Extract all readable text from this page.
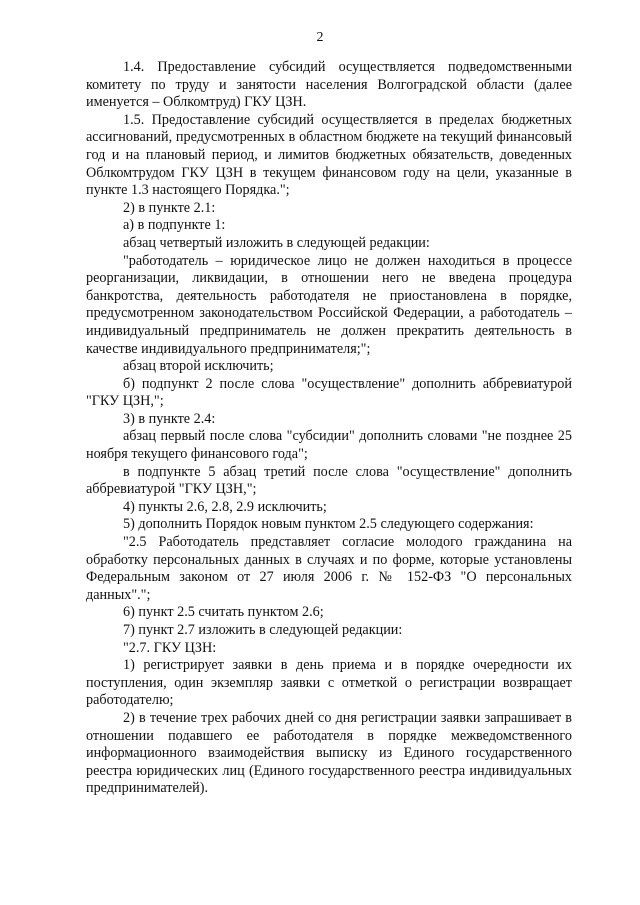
2

1.4. Предоставление субсидий осуществляется подведомственными комитету по труду и занятости населения Волгоградской области (далее именуется – Облкомтруд) ГКУ ЦЗН.

1.5. Предоставление субсидий осуществляется в пределах бюджетных ассигнований, предусмотренных в областном бюджете на текущий финансовый год и на плановый период, и лимитов бюджетных обязательств, доведенных Облкомтрудом ГКУ ЦЗН в текущем финансовом году на цели, указанные в пункте 1.3 настоящего Порядка.";

2) в пункте 2.1:

а) в подпункте 1:

абзац четвертый изложить в следующей редакции:

"работодатель – юридическое лицо не должен находиться в процессе реорганизации, ликвидации, в отношении него не введена процедура банкротства, деятельность работодателя не приостановлена в порядке, предусмотренном законодательством Российской Федерации, а работодатель – индивидуальный предприниматель не должен прекратить деятельность в качестве индивидуального предпринимателя;";

абзац второй исключить;

б) подпункт 2 после слова "осуществление" дополнить аббревиатурой "ГКУ ЦЗН,";

3) в пункте 2.4:

абзац первый после слова "субсидии" дополнить словами "не позднее 25 ноября текущего финансового года";

в подпункте 5 абзац третий после слова "осуществление" дополнить аббревиатурой "ГКУ ЦЗН,";

4) пункты 2.6, 2.8, 2.9 исключить;

5) дополнить Порядок новым пунктом 2.5 следующего содержания:

"2.5 Работодатель представляет согласие молодого гражданина на обработку персональных данных в случаях и по форме, которые установлены Федеральным законом от 27 июля 2006 г. № 152-ФЗ "О персональных данных".";

6) пункт 2.5 считать пунктом 2.6;

7) пункт 2.7 изложить в следующей редакции:

"2.7. ГКУ ЦЗН:

1) регистрирует заявки в день приема и в порядке очередности их поступления, один экземпляр заявки с отметкой о регистрации возвращает работодателю;

2) в течение трех рабочих дней со дня регистрации заявки запрашивает в отношении подавшего ее работодателя в порядке межведомственного информационного взаимодействия выписку из Единого государственного реестра юридических лиц (Единого государственного реестра индивидуальных предпринимателей).
